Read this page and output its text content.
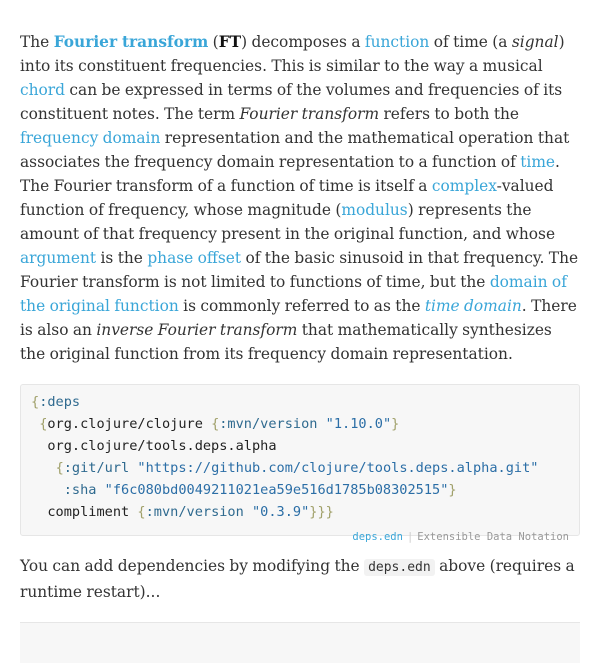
The Fourier transform (FT) decomposes a function of time (a signal) into its constituent frequencies. This is similar to the way a musical chord can be expressed in terms of the volumes and frequencies of its constituent notes. The term Fourier transform refers to both the frequency domain representation and the mathematical operation that associates the frequency domain representation to a function of time. The Fourier transform of a function of time is itself a complex-valued function of frequency, whose magnitude (modulus) represents the amount of that frequency present in the original function, and whose argument is the phase offset of the basic sinusoid in that frequency. The Fourier transform is not limited to functions of time, but the domain of the original function is commonly referred to as the time domain. There is also an inverse Fourier transform that mathematically synthesizes the original function from its frequency domain representation.

{:deps
{org.clojure/clojure {:mvn/version "1.10.0"}
org.clojure/tools.deps.alpha
{:git/url "https://github.com/clojure/tools.deps.alpha.git"
:sha "f6c080bd0049211021ea59e516d1785b08302515"}
compliment {:mvn/version "0.3.9"}}}
deps.edn | Extensible Data Notation

You can add dependencies by modifying the deps.edn above (requires a runtime restart)...
